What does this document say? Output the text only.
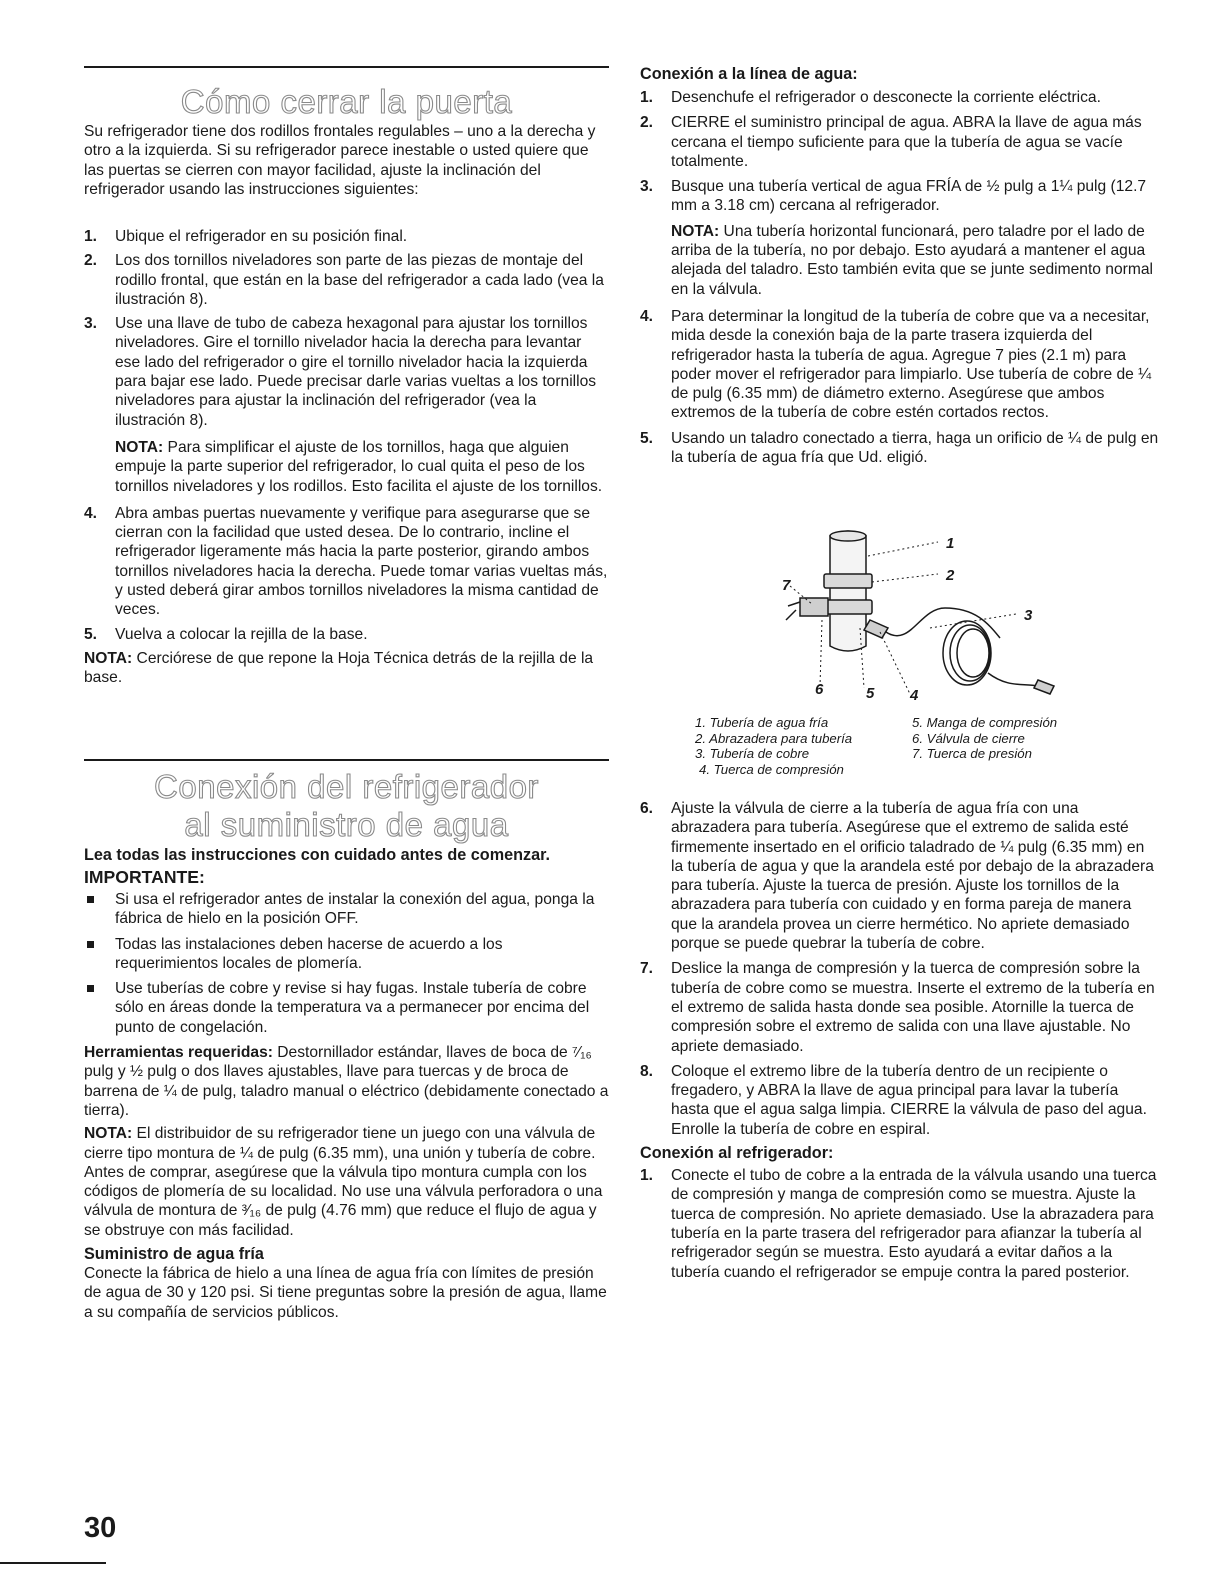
Cómo cerrar la puerta

Su refrigerador tiene dos rodillos frontales regulables – uno a la derecha y otro a la izquierda. Si su refrigerador parece inestable o usted quiere que las puertas se cierren con mayor facilidad, ajuste la inclinación del refrigerador usando las instrucciones siguientes:

1. Ubique el refrigerador en su posición final.
2. Los dos tornillos niveladores son parte de las piezas de montaje del rodillo frontal, que están en la base del refrigerador a cada lado (vea la ilustración 8).
3. Use una llave de tubo de cabeza hexagonal para ajustar los tornillos niveladores. Gire el tornillo nivelador hacia la derecha para levantar ese lado del refrigerador o gire el tornillo nivelador hacia la izquierda para bajar ese lado. Puede precisar darle varias vueltas a los tornillos niveladores para ajustar la inclinación del refrigerador (vea la ilustración 8).

NOTA: Para simplificar el ajuste de los tornillos, haga que alguien empuje la parte superior del refrigerador, lo cual quita el peso de los tornillos niveladores y los rodillos. Esto facilita el ajuste de los tornillos.

4. Abra ambas puertas nuevamente y verifique para asegurarse que se cierran con la facilidad que usted desea. De lo contrario, incline el refrigerador ligeramente más hacia la parte posterior, girando ambos tornillos niveladores hacia la derecha. Puede tomar varias vueltas más, y usted deberá girar ambos tornillos niveladores la misma cantidad de veces.
5. Vuelva a colocar la rejilla de la base.

NOTA: Cerciórese de que repone la Hoja Técnica detrás de la rejilla de la base.

Conexión del refrigerador
al suministro de agua

Lea todas las instrucciones con cuidado antes de comenzar.

IMPORTANTE:

Si usa el refrigerador antes de instalar la conexión del agua, ponga la fábrica de hielo en la posición OFF.
Todas las instalaciones deben hacerse de acuerdo a los requerimientos locales de plomería.
Use tuberías de cobre y revise si hay fugas. Instale tubería de cobre sólo en áreas donde la temperatura va a permanecer por encima del punto de congelación.

Herramientas requeridas: Destornillador estándar, llaves de boca de ⁷⁄₁₆ pulg y ½ pulg o dos llaves ajustables, llave para tuercas y de broca de barrena de ¼ de pulg, taladro manual o eléctrico (debidamente conectado a tierra).

NOTA: El distribuidor de su refrigerador tiene un juego con una válvula de cierre tipo montura de ¼ de pulg (6.35 mm), una unión y tubería de cobre. Antes de comprar, asegúrese que la válvula tipo montura cumpla con los códigos de plomería de su localidad. No use una válvula perforadora o una válvula de montura de ³⁄₁₆ de pulg (4.76 mm) que reduce el flujo de agua y se obstruye con más facilidad.

Suministro de agua fría

Conecte la fábrica de hielo a una línea de agua fría con límites de presión de agua de 30 y 120 psi. Si tiene preguntas sobre la presión de agua, llame a su compañía de servicios públicos.

Conexión a la línea de agua:

1. Desenchufe el refrigerador o desconecte la corriente eléctrica.
2. CIERRE el suministro principal de agua. ABRA la llave de agua más cercana el tiempo suficiente para que la tubería de agua se vacíe totalmente.
3. Busque una tubería vertical de agua FRÍA de ½ pulg a 1¼ pulg (12.7 mm a 3.18 cm) cercana al refrigerador.

NOTA: Una tubería horizontal funcionará, pero taladre por el lado de arriba de la tubería, no por debajo. Esto ayudará a mantener el agua alejada del taladro. Esto también evita que se junte sedimento normal en la válvula.

4. Para determinar la longitud de la tubería de cobre que va a necesitar, mida desde la conexión baja de la parte trasera izquierda del refrigerador hasta la tubería de agua. Agregue 7 pies (2.1 m) para poder mover el refrigerador para limpiarlo. Use tubería de cobre de ¼ de pulg (6.35 mm) de diámetro externo. Asegúrese que ambos extremos de la tubería de cobre estén cortados rectos.
5. Usando un taladro conectado a tierra, haga un orificio de ¼ de pulg en la tubería de agua fría que Ud. eligió.
1
2
3
4
5
6
7
1. Tubería de agua fría
2. Abrazadera para tubería
3. Tubería de cobre
4. Tuerca de compresión
5. Manga de compresión
6. Válvula de cierre
7. Tuerca de presión
6. Ajuste la válvula de cierre a la tubería de agua fría con una abrazadera para tubería. Asegúrese que el extremo de salida esté firmemente insertado en el orificio taladrado de ¼ pulg (6.35 mm) en la tubería de agua y que la arandela esté por debajo de la abrazadera para tubería. Ajuste la tuerca de presión. Ajuste los tornillos de la abrazadera para tubería con cuidado y en forma pareja de manera que la arandela provea un cierre hermético. No apriete demasiado porque se puede quebrar la tubería de cobre.
7. Deslice la manga de compresión y la tuerca de compresión sobre la tubería de cobre como se muestra. Inserte el extremo de la tubería en el extremo de salida hasta donde sea posible. Atornille la tuerca de compresión sobre el extremo de salida con una llave ajustable. No apriete demasiado.
8. Coloque el extremo libre de la tubería dentro de un recipiente o fregadero, y ABRA la llave de agua principal para lavar la tubería hasta que el agua salga limpia. CIERRE la válvula de paso del agua. Enrolle la tubería de cobre en espiral.

Conexión al refrigerador:

1. Conecte el tubo de cobre a la entrada de la válvula usando una tuerca de compresión y manga de compresión como se muestra. Ajuste la tuerca de compresión. No apriete demasiado. Use la abrazadera para tubería en la parte trasera del refrigerador para afianzar la tubería al refrigerador según se muestra. Esto ayudará a evitar daños a la tubería cuando el refrigerador se empuje contra la pared posterior.
30
